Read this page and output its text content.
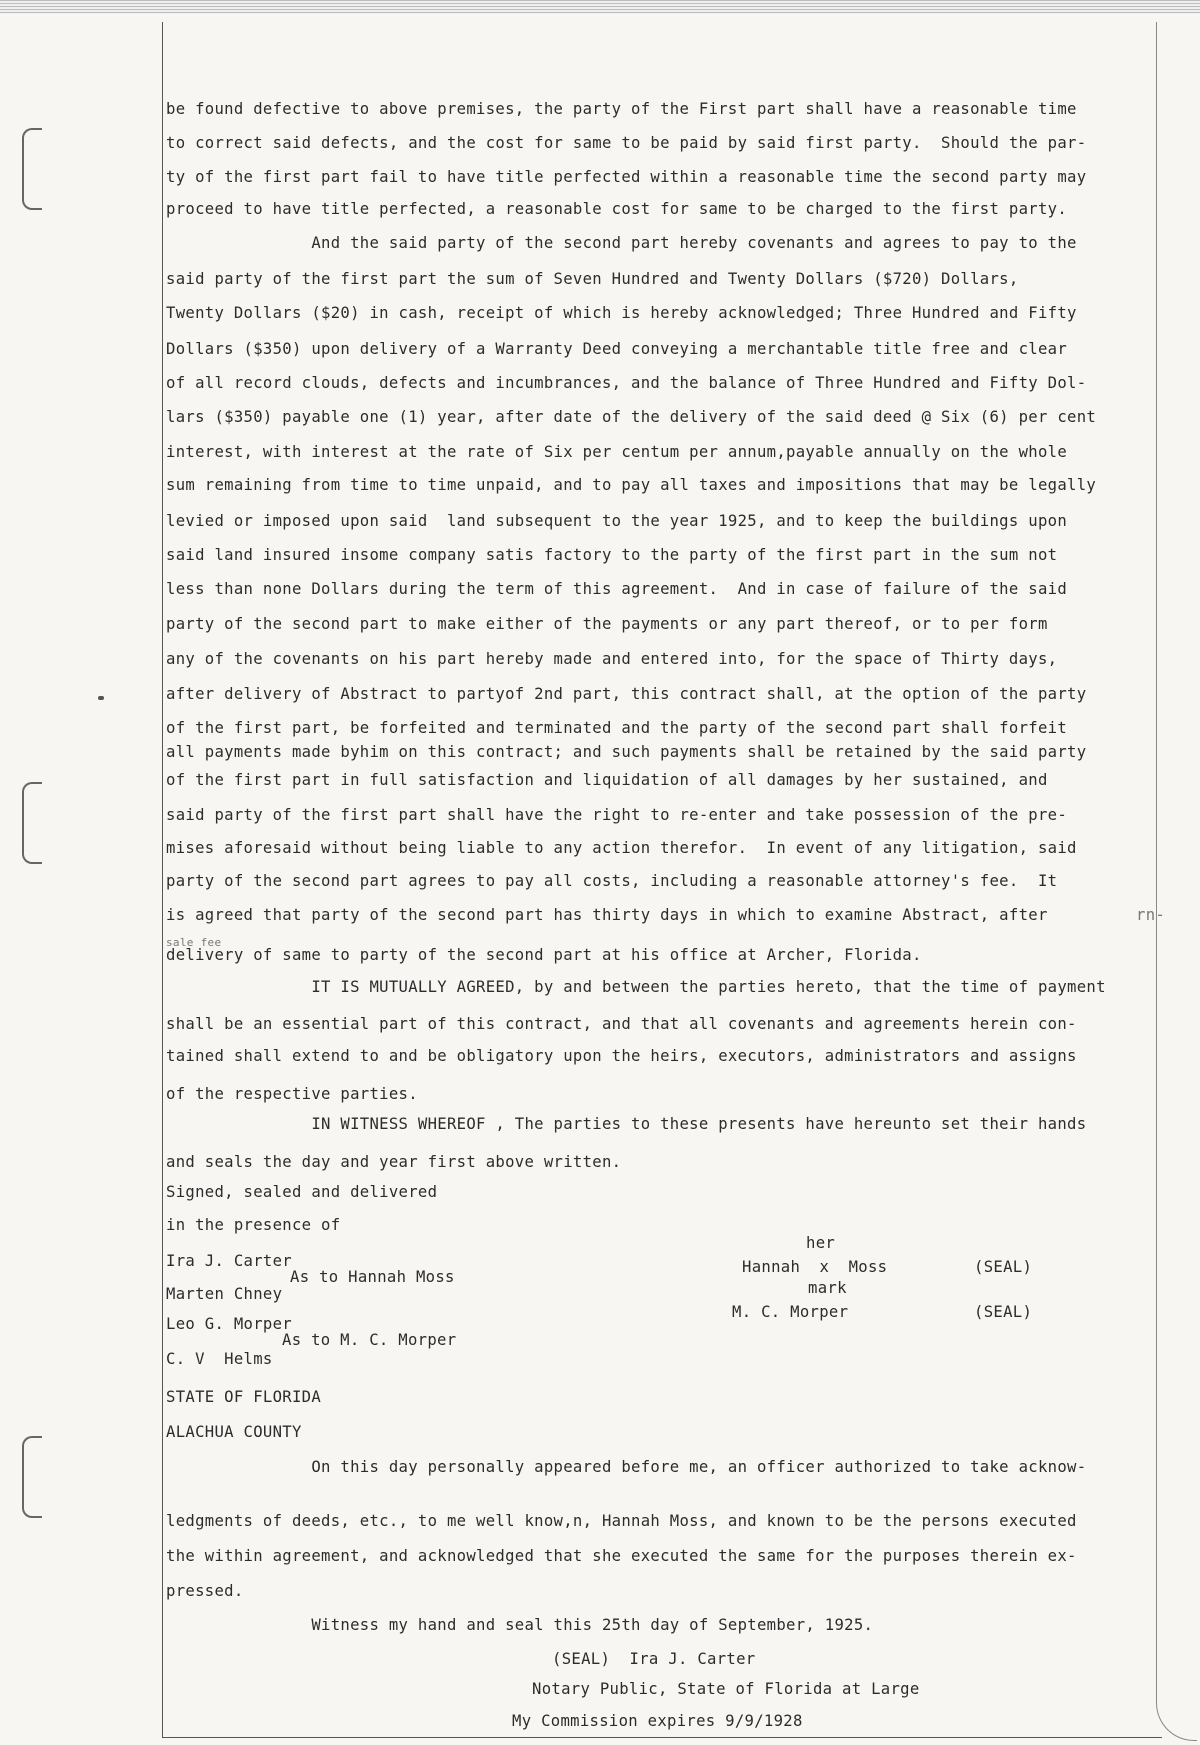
be found defective to above premises, the party of the First part shall have a reasonable time
to correct said defects, and the cost for same to be paid by said first party.  Should the par-
ty of the first part fail to have title perfected within a reasonable time the second party may
proceed to have title perfected, a reasonable cost for same to be charged to the first party.
And the said party of the second part hereby covenants and agrees to pay to the
said party of the first part the sum of Seven Hundred and Twenty Dollars ($720) Dollars,
Twenty Dollars ($20) in cash, receipt of which is hereby acknowledged; Three Hundred and Fifty
Dollars ($350) upon delivery of a Warranty Deed conveying a merchantable title free and clear
of all record clouds, defects and incumbrances, and the balance of Three Hundred and Fifty Dol-
lars ($350) payable one (1) year, after date of the delivery of the said deed @ Six (6) per cent
interest, with interest at the rate of Six per centum per annum,payable annually on the whole
sum remaining from time to time unpaid, and to pay all taxes and impositions that may be legally
levied or imposed upon said  land subsequent to the year 1925, and to keep the buildings upon
said land insured insome company satis factory to the party of the first part in the sum not
less than none Dollars during the term of this agreement.  And in case of failure of the said
party of the second part to make either of the payments or any part thereof, or to per form
any of the covenants on his part hereby made and entered into, for the space of Thirty days,
after delivery of Abstract to partyof 2nd part, this contract shall, at the option of the party
of the first part, be forfeited and terminated and the party of the second part shall forfeit
all payments made byhim on this contract; and such payments shall be retained by the said party
of the first part in full satisfaction and liquidation of all damages by her sustained, and
said party of the first part shall have the right to re-enter and take possession of the pre-
mises aforesaid without being liable to any action therefor.  In event of any litigation, said
party of the second part agrees to pay all costs, including a reasonable attorney's fee.  It
is agreed that party of the second part has thirty days in which to examine Abstract, after	rn-
sale fee
delivery of same to party of the second part at his office at Archer, Florida.
IT IS MUTUALLY AGREED, by and between the parties hereto, that the time of payment
shall be an essential part of this contract, and that all covenants and agreements herein con-
tained shall extend to and be obligatory upon the heirs, executors, administrators and assigns
of the respective parties.
IN WITNESS WHEREOF , The parties to these presents have hereunto set their hands
and seals the day and year first above written.
Signed, sealed and delivered
in the presence of
Ira J. Carter
As to Hannah Moss
Marten Chney
Leo G. Morper
As to M. C. Morper
C. V  Helms
her
Hannah  x  Moss	(SEAL)
mark
M. C. Morper	(SEAL)
STATE OF FLORIDA
ALACHUA COUNTY
On this day personally appeared before me, an officer authorized to take acknow-
ledgments of deeds, etc., to me well know,n, Hannah Moss, and known to be the persons executed
the within agreement, and acknowledged that she executed the same for the purposes therein ex-
pressed.
Witness my hand and seal this 25th day of September, 1925.
(SEAL)  Ira J. Carter
Notary Public, State of Florida at Large
My Commission expires 9/9/1928
